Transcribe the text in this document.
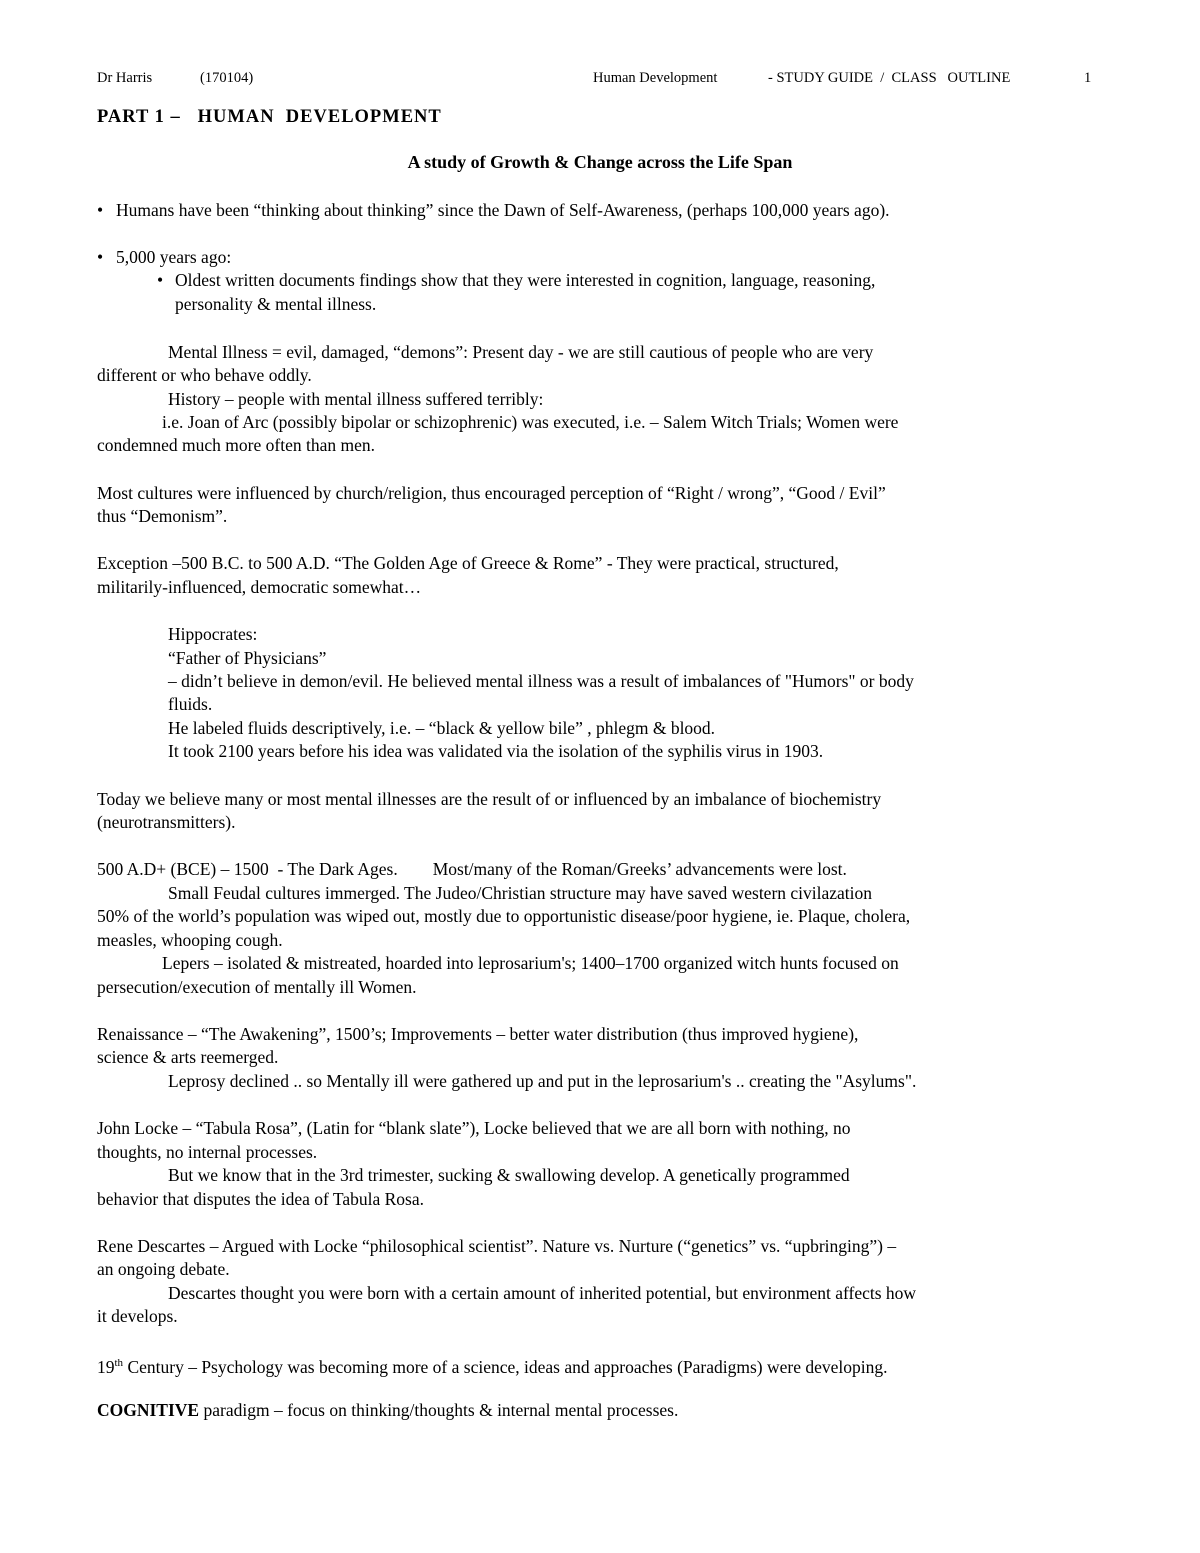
Dr Harris	(170104)	Human Development	- STUDY GUIDE  /  CLASS   OUTLINE	1
PART 1 –   HUMAN  DEVELOPMENT
A study of Growth & Change across the Life Span
• Humans have been “thinking about thinking” since the Dawn of Self-Awareness, (perhaps 100,000 years ago).
• 5,000 years ago:
• Oldest written documents findings show that they were interested in cognition, language, reasoning,
personality & mental illness.
Mental Illness = evil, damaged, “demons”: Present day - we are still cautious of people who are very
different or who behave oddly.
History – people with mental illness suffered terribly:
i.e. Joan of Arc (possibly bipolar or schizophrenic) was executed, i.e. – Salem Witch Trials; Women were
condemned much more often than men.
Most cultures were influenced by church/religion, thus encouraged perception of “Right / wrong”, “Good / Evil”
thus “Demonism”.
Exception –500 B.C. to 500 A.D. “The Golden Age of Greece & Rome” - They were practical, structured,
militarily-influenced, democratic somewhat…
Hippocrates:
“Father of Physicians”
– didn’t believe in demon/evil. He believed mental illness was a result of imbalances of "Humors" or body
fluids.
He labeled fluids descriptively, i.e. – “black & yellow bile” , phlegm & blood.
It took 2100 years before his idea was validated via the isolation of the syphilis virus in 1903.
Today we believe many or most mental illnesses are the result of or influenced by an imbalance of biochemistry
(neurotransmitters).
500 A.D+ (BCE) – 1500  - The Dark Ages.        Most/many of the Roman/Greeks’ advancements were lost.
Small Feudal cultures immerged. The Judeo/Christian structure may have saved western civilazation
50% of the world’s population was wiped out, mostly due to opportunistic disease/poor hygiene, ie. Plaque, cholera,
measles, whooping cough.
Lepers – isolated & mistreated, hoarded into leprosarium's; 1400–1700 organized witch hunts focused on
persecution/execution of mentally ill Women.
Renaissance – “The Awakening”, 1500’s; Improvements – better water distribution (thus improved hygiene),
science & arts reemerged.
Leprosy declined .. so Mentally ill were gathered up and put in the leprosarium's .. creating the "Asylums".
John Locke – “Tabula Rosa”, (Latin for “blank slate”), Locke believed that we are all born with nothing, no
thoughts, no internal processes.
But we know that in the 3rd trimester, sucking & swallowing develop. A genetically programmed
behavior that disputes the idea of Tabula Rosa.
Rene Descartes – Argued with Locke “philosophical scientist”. Nature vs. Nurture (“genetics” vs. “upbringing”) –
an ongoing debate.
Descartes thought you were born with a certain amount of inherited potential, but environment affects how
it develops.
19th Century – Psychology was becoming more of a science, ideas and approaches (Paradigms) were developing.
COGNITIVE paradigm – focus on thinking/thoughts & internal mental processes.
